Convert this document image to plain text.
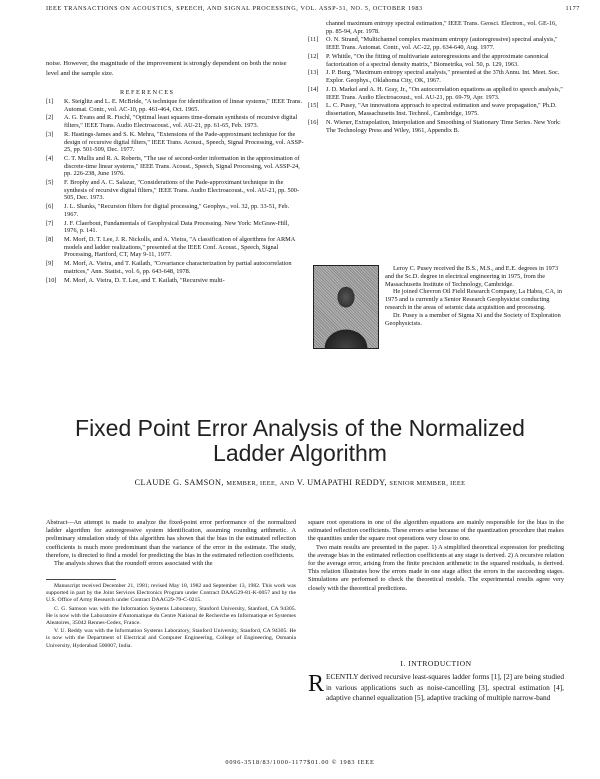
IEEE TRANSACTIONS ON ACOUSTICS, SPEECH, AND SIGNAL PROCESSING, VOL. ASSP-31, NO. 5, OCTOBER 1983	1177

noise. However, the magnitude of the improvement is strongly dependent on both the noise level and the sample size.

REFERENCES
[1]	K. Steiglitz and L. E. McBride, "A technique for identification of linear systems," IEEE Trans. Automat. Contr., vol. AC-10, pp. 461-464, Oct. 1965.
[2]	A. G. Evans and R. Fischl, "Optimal least squares time-domain synthesis of recursive digital filters," IEEE Trans. Audio Electroacoust., vol. AU-21, pp. 61-65, Feb. 1973.
[3]	R. Hastings-James and S. K. Mehra, "Extensions of the Pade-approximant technique for the design of recursive digital filters," IEEE Trans. Acoust., Speech, Signal Processing, vol. ASSP-25, pp. 501-509, Dec. 1977.
[4]	C. T. Mullis and R. A. Roberts, "The use of second-order information in the approximation of discrete-time linear systems," IEEE Trans. Acoust., Speech, Signal Processing, vol. ASSP-24, pp. 226-238, June 1976.
[5]	F. Brophy and A. C. Salazar, "Considerations of the Pade-approximant technique in the synthesis of recursive digital filters," IEEE Trans. Audio Electroacoust., vol. AU-21, pp. 500-505, Dec. 1973.
[6]	J. L. Shanks, "Recursion filters for digital processing," Geophys., vol. 32, pp. 33-51, Feb. 1967.
[7]	J. F. Claerbout, Fundamentals of Geophysical Data Processing. New York: McGraw-Hill, 1976, p. 141.
[8]	M. Morf, D. T. Lee, J. R. Nickolls, and A. Vieira, "A classification of algorithms for ARMA models and ladder realizations," presented at the IEEE Conf. Acoust., Speech, Signal Processing, Hartford, CT, May 9-11, 1977.
[9]	M. Morf, A. Vieira, and T. Kailath, "Covariance characterization by partial autocorrelation matrices," Ann. Statist., vol. 6, pp. 643-648, 1978.
[10]	M. Morf, A. Vieira, D. T. Lee, and T. Kailath, "Recursive multi-
channel maximum entropy spectral estimation," IEEE Trans. Geosci. Electron., vol. GE-16, pp. 85-94, Apr. 1978.
[11]	O. N. Strand, "Multichannel complex maximum entropy (autoregressive) spectral analysis," IEEE Trans. Automat. Contr., vol. AC-22, pp. 634-640, Aug. 1977.
[12]	P. Whittle, "On the fitting of multivariate autoregressions and the approximate canonical factorization of a spectral density matrix," Biometrika, vol. 50, p. 129, 1963.
[13]	J. P. Burg, "Maximum entropy spectral analysis," presented at the 37th Annu. Int. Meet. Soc. Explor. Geophys., Oklahoma City, OK, 1967.
[14]	J. D. Markel and A. H. Gray, Jr., "On autocorrelation equations as applied to speech analysis," IEEE Trans. Audio Electroacoust., vol. AU-21, pp. 69-79, Apr. 1973.
[15]	L. C. Pusey, "An innovations approach to spectral estimation and wave propagation," Ph.D. dissertation, Massachusetts Inst. Technol., Cambridge, 1975.
[16]	N. Wiener, Extrapolation, Interpolation and Smoothing of Stationary Time Series. New York: The Technology Press and Wiley, 1961, Appendix B.

Leroy C. Pusey received the B.S., M.S., and E.E. degrees in 1973 and the Sc.D. degree in electrical engineering in 1975, from the Massachusetts Institute of Technology, Cambridge.

He joined Chevron Oil Field Research Company, La Habra, CA, in 1975 and is currently a Senior Research Geophysicist conducting research in the areas of seismic data acquisition and processing.

Dr. Pusey is a member of Sigma Xi and the Society of Exploration Geophysicists.

Fixed Point Error Analysis of the Normalized
Ladder Algorithm
CLAUDE G. SAMSON, MEMBER, IEEE, AND V. UMAPATHI REDDY, SENIOR MEMBER, IEEE

Abstract—An attempt is made to analyze the fixed-point error performance of the normalized ladder algorithm for autoregressive system identification, assuming rounding arithmetic. A preliminary simulation study of this algorithm has shown that the bias in the estimated reflection coefficients is much more predominant than the variance of the error in the estimate. The study, therefore, is directed to find a model for predicting the bias in the estimated reflection coefficients.

The analysis shows that the roundoff errors associated with the

Manuscript received December 21, 1981; revised May 18, 1982 and September 13, 1982. This work was supported in part by the Joint Services Electronics Program under Contract DAAG29-81-K-0057 and by the U.S. Office of Army Research under Contract DAAG29-79-C-0215.

C. G. Samson was with the Information Systems Laboratory, Stanford University, Stanford, CA 94305. He is now with the Laboratoire d'Automatique du Centre National de Recherche en Informatique et Systemes Aleatoires, 35042 Rennes-Cedex, France.

V. U. Reddy was with the Information Systems Laboratory, Stanford University, Stanford, CA 94305. He is now with the Department of Electrical and Computer Engineering, College of Engineering, Osmania University, Hyderabad 500007, India.

square root operations in one of the algorithm equations are mainly responsible for the bias in the estimated reflection coefficients. These errors arise because of the quantization procedure that makes the quantities under the square root operations very close to one.

Two main results are presented in the paper. 1) A simplified theoretical expression for predicting the average bias in the estimated reflection coefficients at any stage is derived. 2) A recursive relation for the average error, arising from the finite precision arithmetic in the squared residuals, is derived. This relation illustrates how the errors made in one stage affect the errors in the succeeding stages. Simulations are performed to check the theoretical models. The experimental results agree very closely with the theoretical predictions.

I. INTRODUCTION
RECENTLY derived recursive least-squares ladder forms [1], [2] are being studied in various applications such as noise-cancelling [3], spectral estimation [4], adaptive channel equalization [5], adaptive tracking of multiple narrow-band
0096-3518/83/1000-1177$01.00 © 1983 IEEE
